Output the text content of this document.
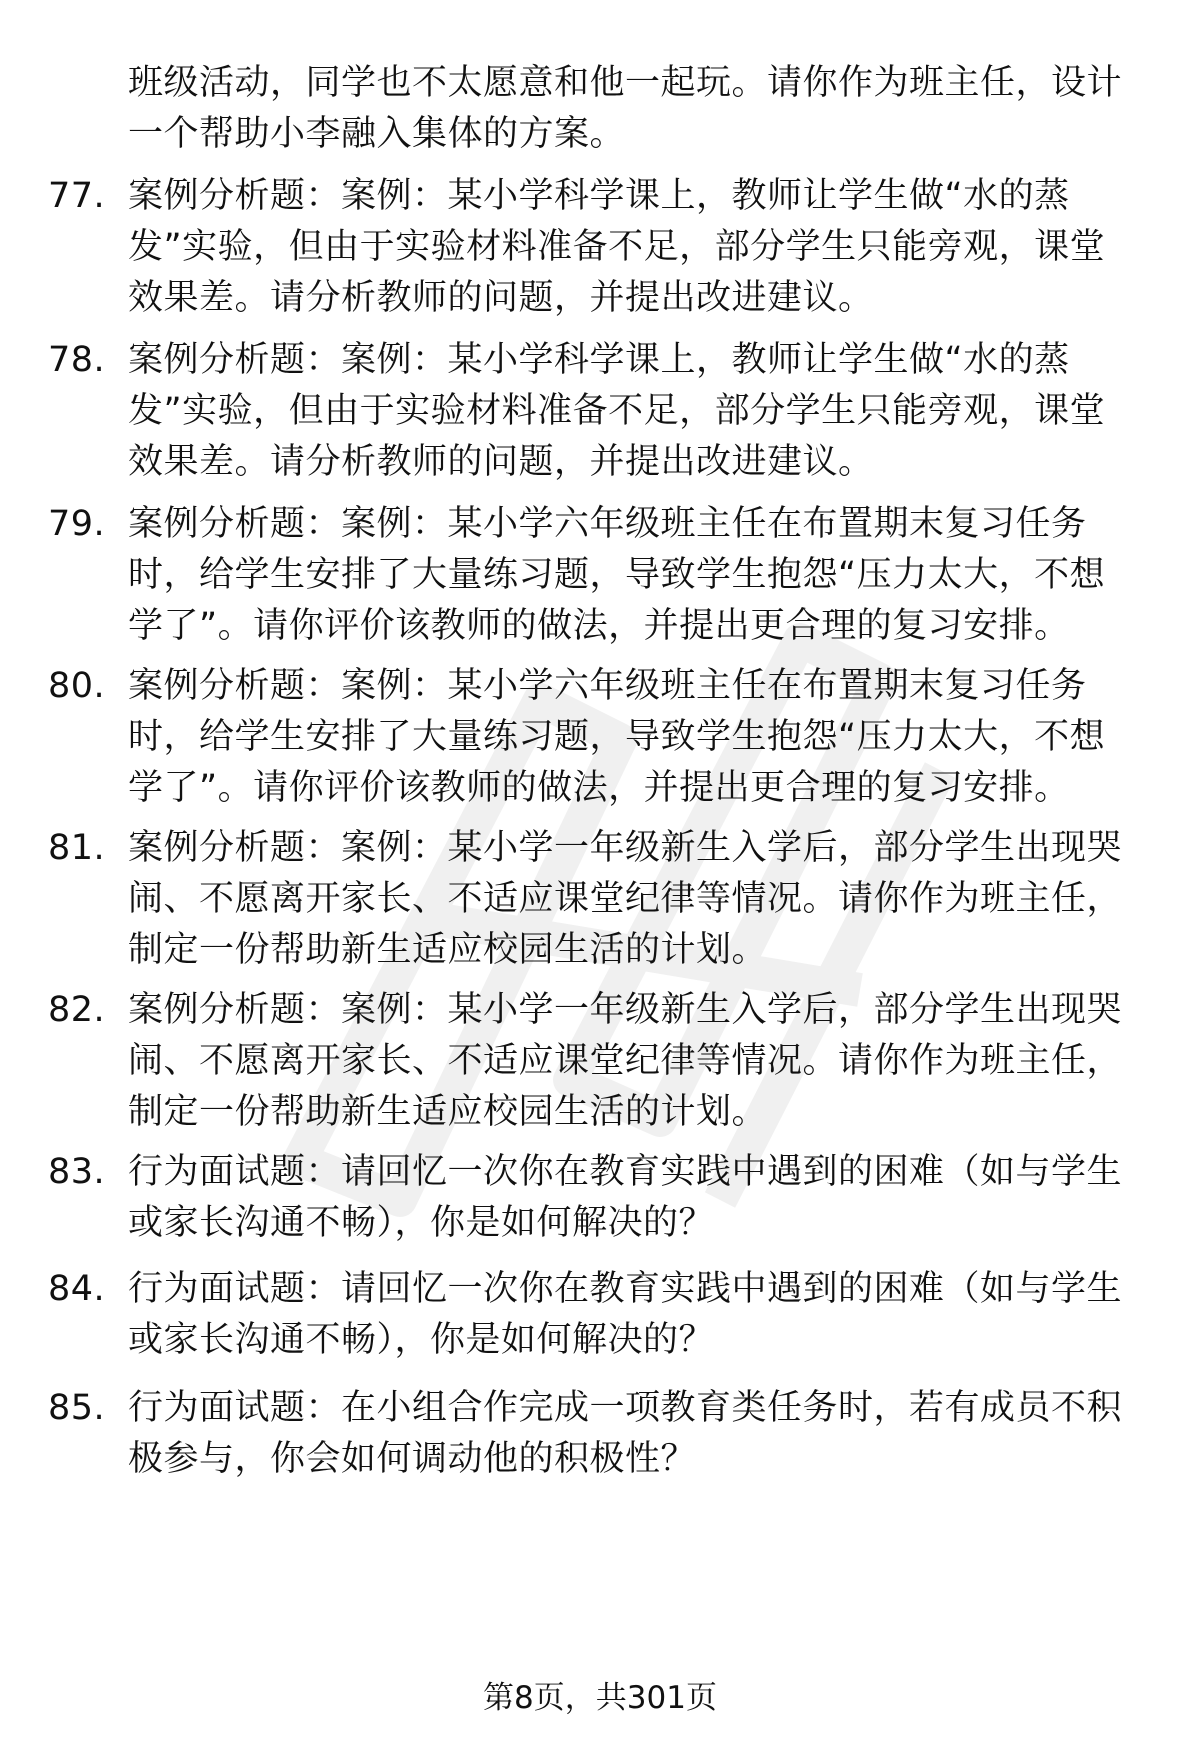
班级活动，同学也不太愿意和他一起玩。请你作为班主任，设计
一个帮助小李融入集体的方案。
77. 案例分析题：案例：某小学科学课上，教师让学生做“水的蒸
发”实验，但由于实验材料准备不足，部分学生只能旁观，课堂
效果差。请分析教师的问题，并提出改进建议。
78. 案例分析题：案例：某小学科学课上，教师让学生做“水的蒸
发”实验，但由于实验材料准备不足，部分学生只能旁观，课堂
效果差。请分析教师的问题，并提出改进建议。
79. 案例分析题：案例：某小学六年级班主任在布置期末复习任务
时，给学生安排了大量练习题，导致学生抱怨“压力太大，不想
学了”。请你评价该教师的做法，并提出更合理的复习安排。
80. 案例分析题：案例：某小学六年级班主任在布置期末复习任务
时，给学生安排了大量练习题，导致学生抱怨“压力太大，不想
学了”。请你评价该教师的做法，并提出更合理的复习安排。
81. 案例分析题：案例：某小学一年级新生入学后，部分学生出现哭
闹、不愿离开家长、不适应课堂纪律等情况。请你作为班主任，
制定一份帮助新生适应校园生活的计划。
82. 案例分析题：案例：某小学一年级新生入学后，部分学生出现哭
闹、不愿离开家长、不适应课堂纪律等情况。请你作为班主任，
制定一份帮助新生适应校园生活的计划。
83. 行为面试题：请回忆一次你在教育实践中遇到的困难（如与学生
或家长沟通不畅），你是如何解决的？
84. 行为面试题：请回忆一次你在教育实践中遇到的困难（如与学生
或家长沟通不畅），你是如何解决的？
85. 行为面试题：在小组合作完成一项教育类任务时，若有成员不积
极参与，你会如何调动他的积极性？
第8页，共301页
